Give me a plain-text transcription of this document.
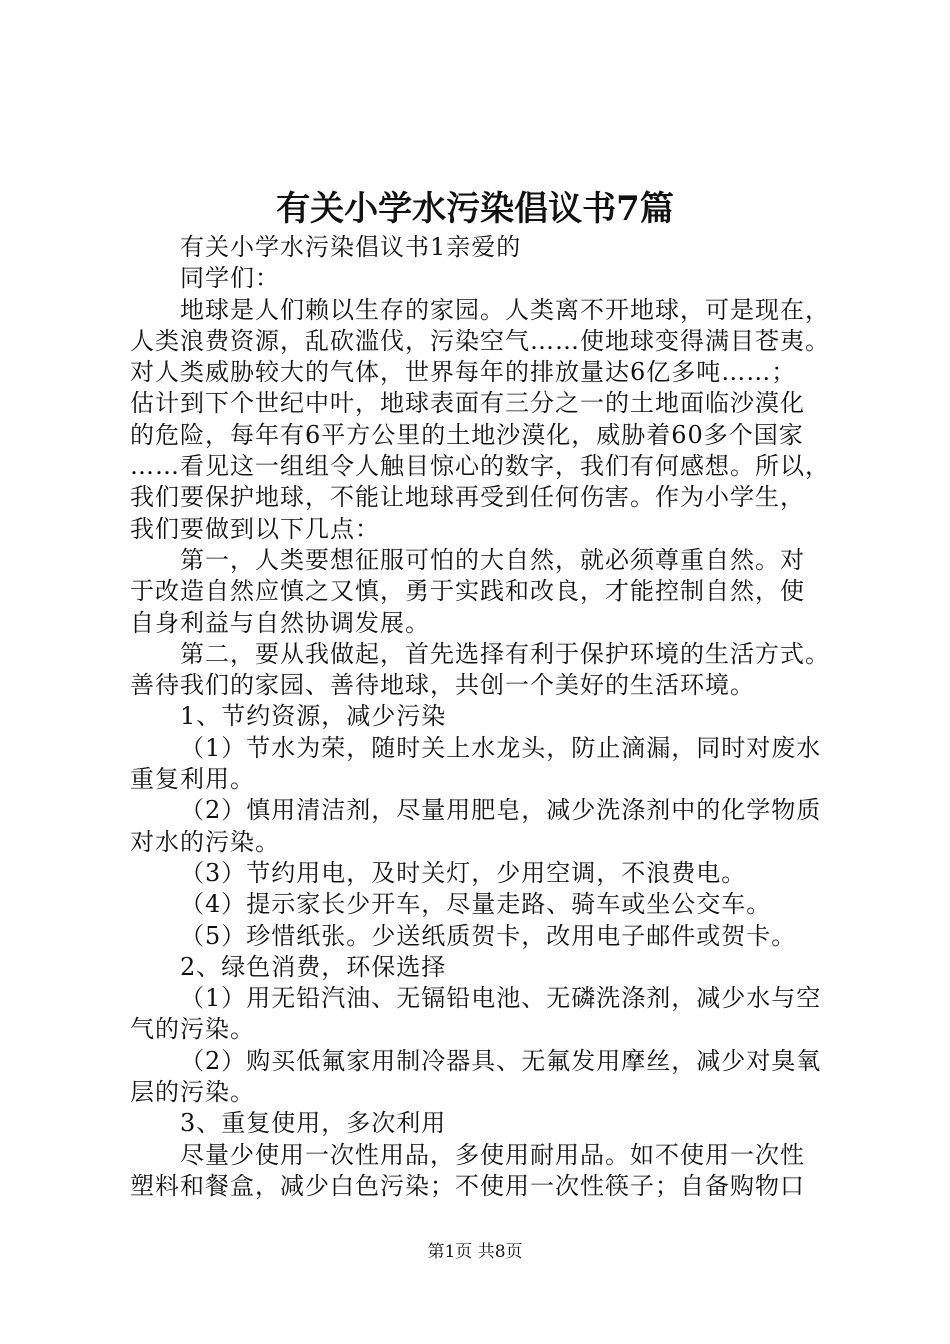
有关小学水污染倡议书7篇

有关小学水污染倡议书1亲爱的

同学们：

地球是人们赖以生存的家园。人类离不开地球，可是现在，

人类浪费资源，乱砍滥伐，污染空气……使地球变得满目苍夷。

对人类威胁较大的气体，世界每年的排放量达6亿多吨……；

估计到下个世纪中叶，地球表面有三分之一的土地面临沙漠化

的危险，每年有6平方公里的土地沙漠化，威胁着60多个国家

……看见这一组组令人触目惊心的数字，我们有何感想。所以，

我们要保护地球，不能让地球再受到任何伤害。作为小学生，

我们要做到以下几点：

第一，人类要想征服可怕的大自然，就必须尊重自然。对

于改造自然应慎之又慎，勇于实践和改良，才能控制自然，使

自身利益与自然协调发展。

第二，要从我做起，首先选择有利于保护环境的生活方式。

善待我们的家园、善待地球，共创一个美好的生活环境。

1、节约资源，减少污染

（1）节水为荣，随时关上水龙头，防止滴漏，同时对废水

重复利用。

（2）慎用清洁剂，尽量用肥皂，减少洗涤剂中的化学物质

对水的污染。

（3）节约用电，及时关灯，少用空调，不浪费电。

（4）提示家长少开车，尽量走路、骑车或坐公交车。

（5）珍惜纸张。少送纸质贺卡，改用电子邮件或贺卡。

2、绿色消费，环保选择

（1）用无铅汽油、无镉铅电池、无磷洗涤剂，减少水与空

气的污染。

（2）购买低氟家用制冷器具、无氟发用摩丝，减少对臭氧

层的污染。

3、重复使用，多次利用

尽量少使用一次性用品，多使用耐用品。如不使用一次性

塑料和餐盒，减少白色污染；不使用一次性筷子；自备购物口

第1页 共8页
